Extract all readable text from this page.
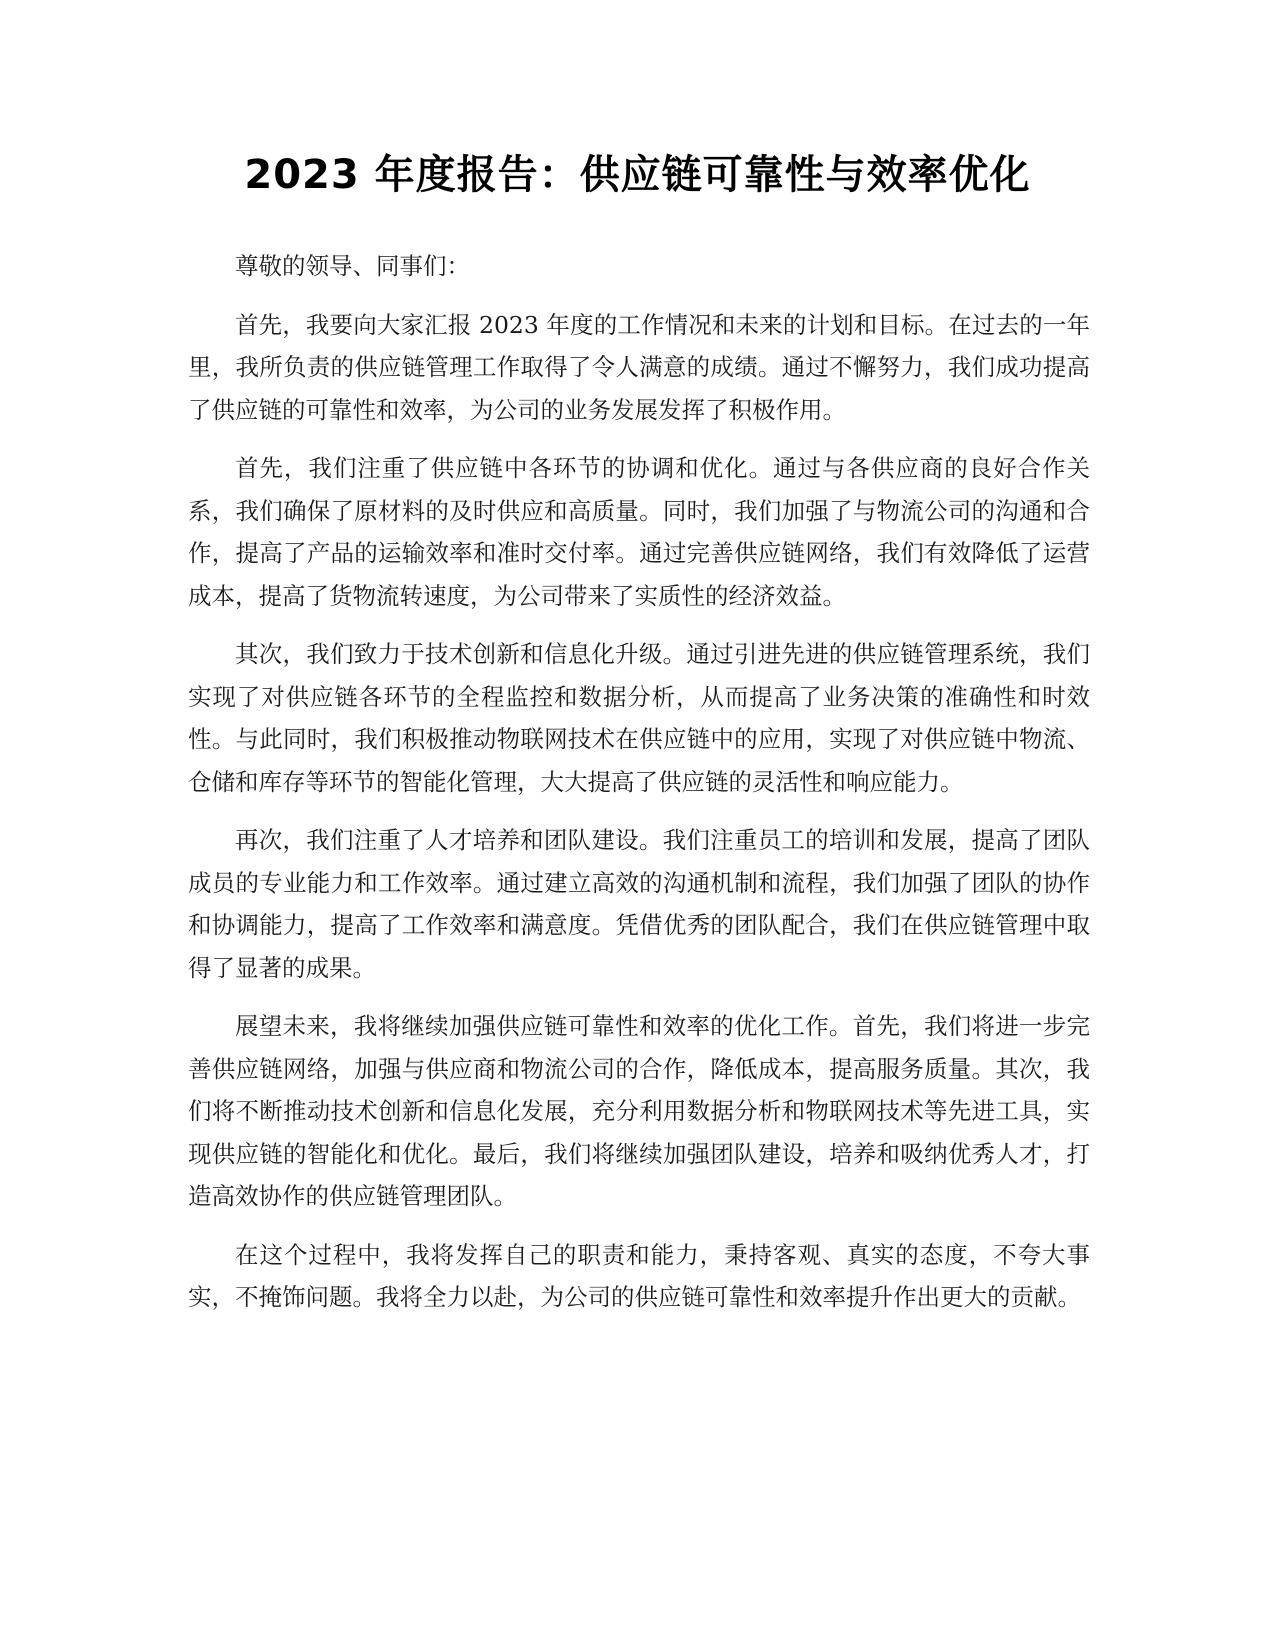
2023 年度报告：供应链可靠性与效率优化

尊敬的领导、同事们：

首先，我要向大家汇报 2023 年度的工作情况和未来的计划和目标。在过去的一年里，我所负责的供应链管理工作取得了令人满意的成绩。通过不懈努力，我们成功提高了供应链的可靠性和效率，为公司的业务发展发挥了积极作用。

首先，我们注重了供应链中各环节的协调和优化。通过与各供应商的良好合作关系，我们确保了原材料的及时供应和高质量。同时，我们加强了与物流公司的沟通和合作，提高了产品的运输效率和准时交付率。通过完善供应链网络，我们有效降低了运营成本，提高了货物流转速度，为公司带来了实质性的经济效益。

其次，我们致力于技术创新和信息化升级。通过引进先进的供应链管理系统，我们实现了对供应链各环节的全程监控和数据分析，从而提高了业务决策的准确性和时效性。与此同时，我们积极推动物联网技术在供应链中的应用，实现了对供应链中物流、仓储和库存等环节的智能化管理，大大提高了供应链的灵活性和响应能力。

再次，我们注重了人才培养和团队建设。我们注重员工的培训和发展，提高了团队成员的专业能力和工作效率。通过建立高效的沟通机制和流程，我们加强了团队的协作和协调能力，提高了工作效率和满意度。凭借优秀的团队配合，我们在供应链管理中取得了显著的成果。

展望未来，我将继续加强供应链可靠性和效率的优化工作。首先，我们将进一步完善供应链网络，加强与供应商和物流公司的合作，降低成本，提高服务质量。其次，我们将不断推动技术创新和信息化发展，充分利用数据分析和物联网技术等先进工具，实现供应链的智能化和优化。最后，我们将继续加强团队建设，培养和吸纳优秀人才，打造高效协作的供应链管理团队。

在这个过程中，我将发挥自己的职责和能力，秉持客观、真实的态度，不夸大事实，不掩饰问题。我将全力以赴，为公司的供应链可靠性和效率提升作出更大的贡献。
